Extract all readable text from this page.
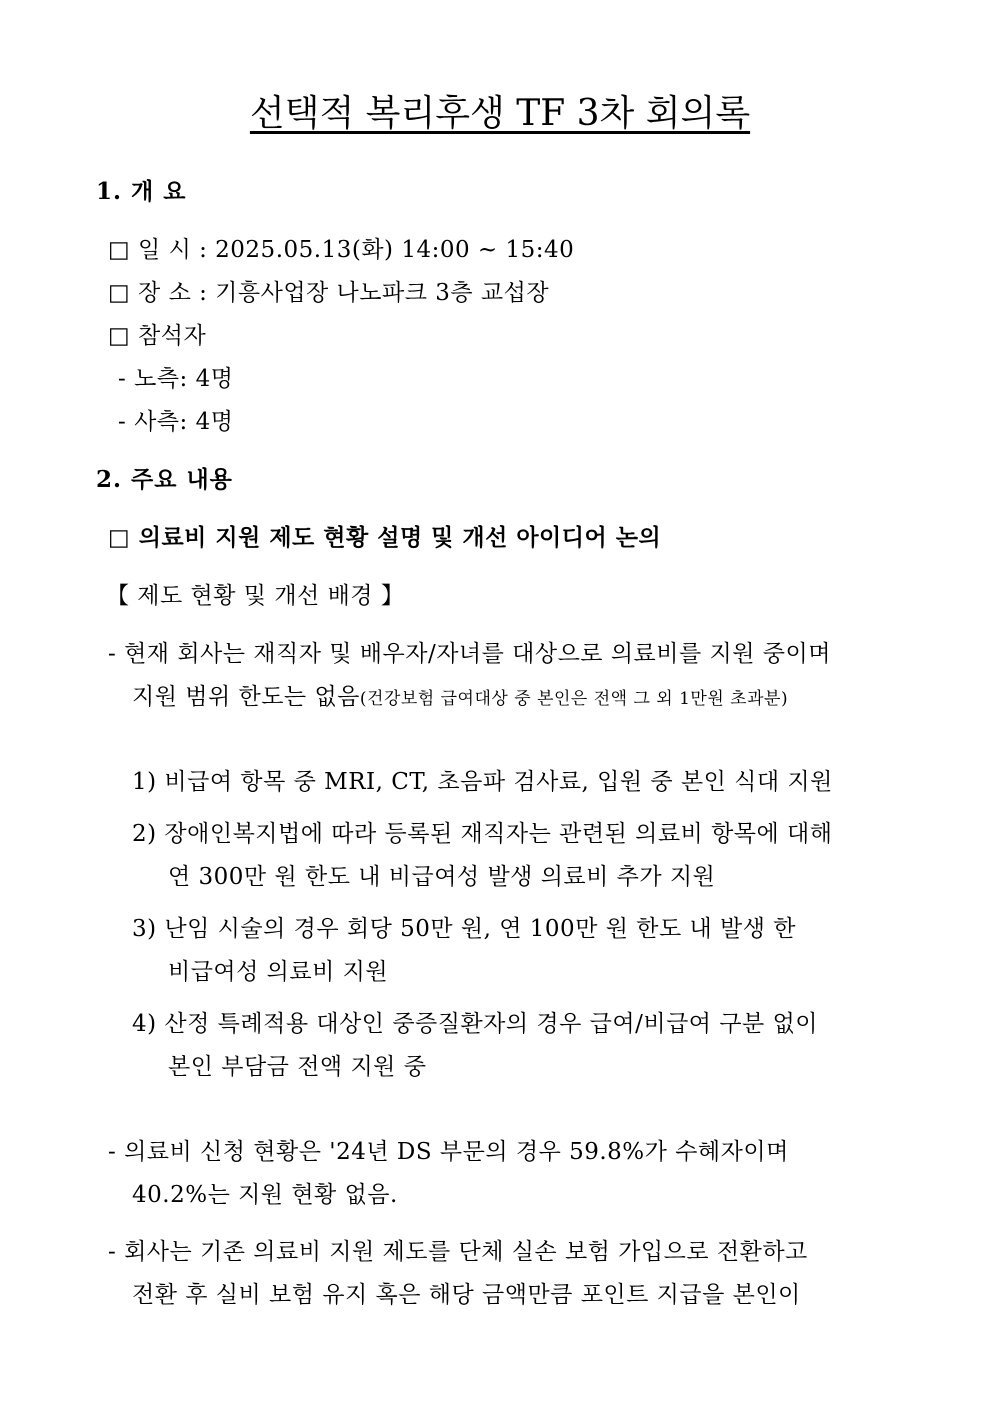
선택적 복리후생 TF 3차 회의록
1. 개 요
□ 일 시 : 2025.05.13(화) 14:00 ~ 15:40
□ 장 소 : 기흥사업장 나노파크 3층 교섭장
□ 참석자
- 노측: 4명
- 사측: 4명
2. 주요 내용
□ 의료비 지원 제도 현황 설명 및 개선 아이디어 논의
【 제도 현황 및 개선 배경 】
- 현재 회사는 재직자 및 배우자/자녀를 대상으로 의료비를 지원 중이며
지원 범위 한도는 없음(건강보험 급여대상 중 본인은 전액 그 외 1만원 초과분)
1) 비급여 항목 중 MRI, CT, 초음파 검사료, 입원 중 본인 식대 지원
2) 장애인복지법에 따라 등록된 재직자는 관련된 의료비 항목에 대해
연 300만 원 한도 내 비급여성 발생 의료비 추가 지원
3) 난임 시술의 경우 회당 50만 원, 연 100만 원 한도 내 발생 한
비급여성 의료비 지원
4) 산정 특례적용 대상인 중증질환자의 경우 급여/비급여 구분 없이
본인 부담금 전액 지원 중
- 의료비 신청 현황은 '24년 DS 부문의 경우 59.8%가 수혜자이며
40.2%는 지원 현황 없음.
- 회사는 기존 의료비 지원 제도를 단체 실손 보험 가입으로 전환하고
전환 후 실비 보험 유지 혹은 해당 금액만큼 포인트 지급을 본인이
